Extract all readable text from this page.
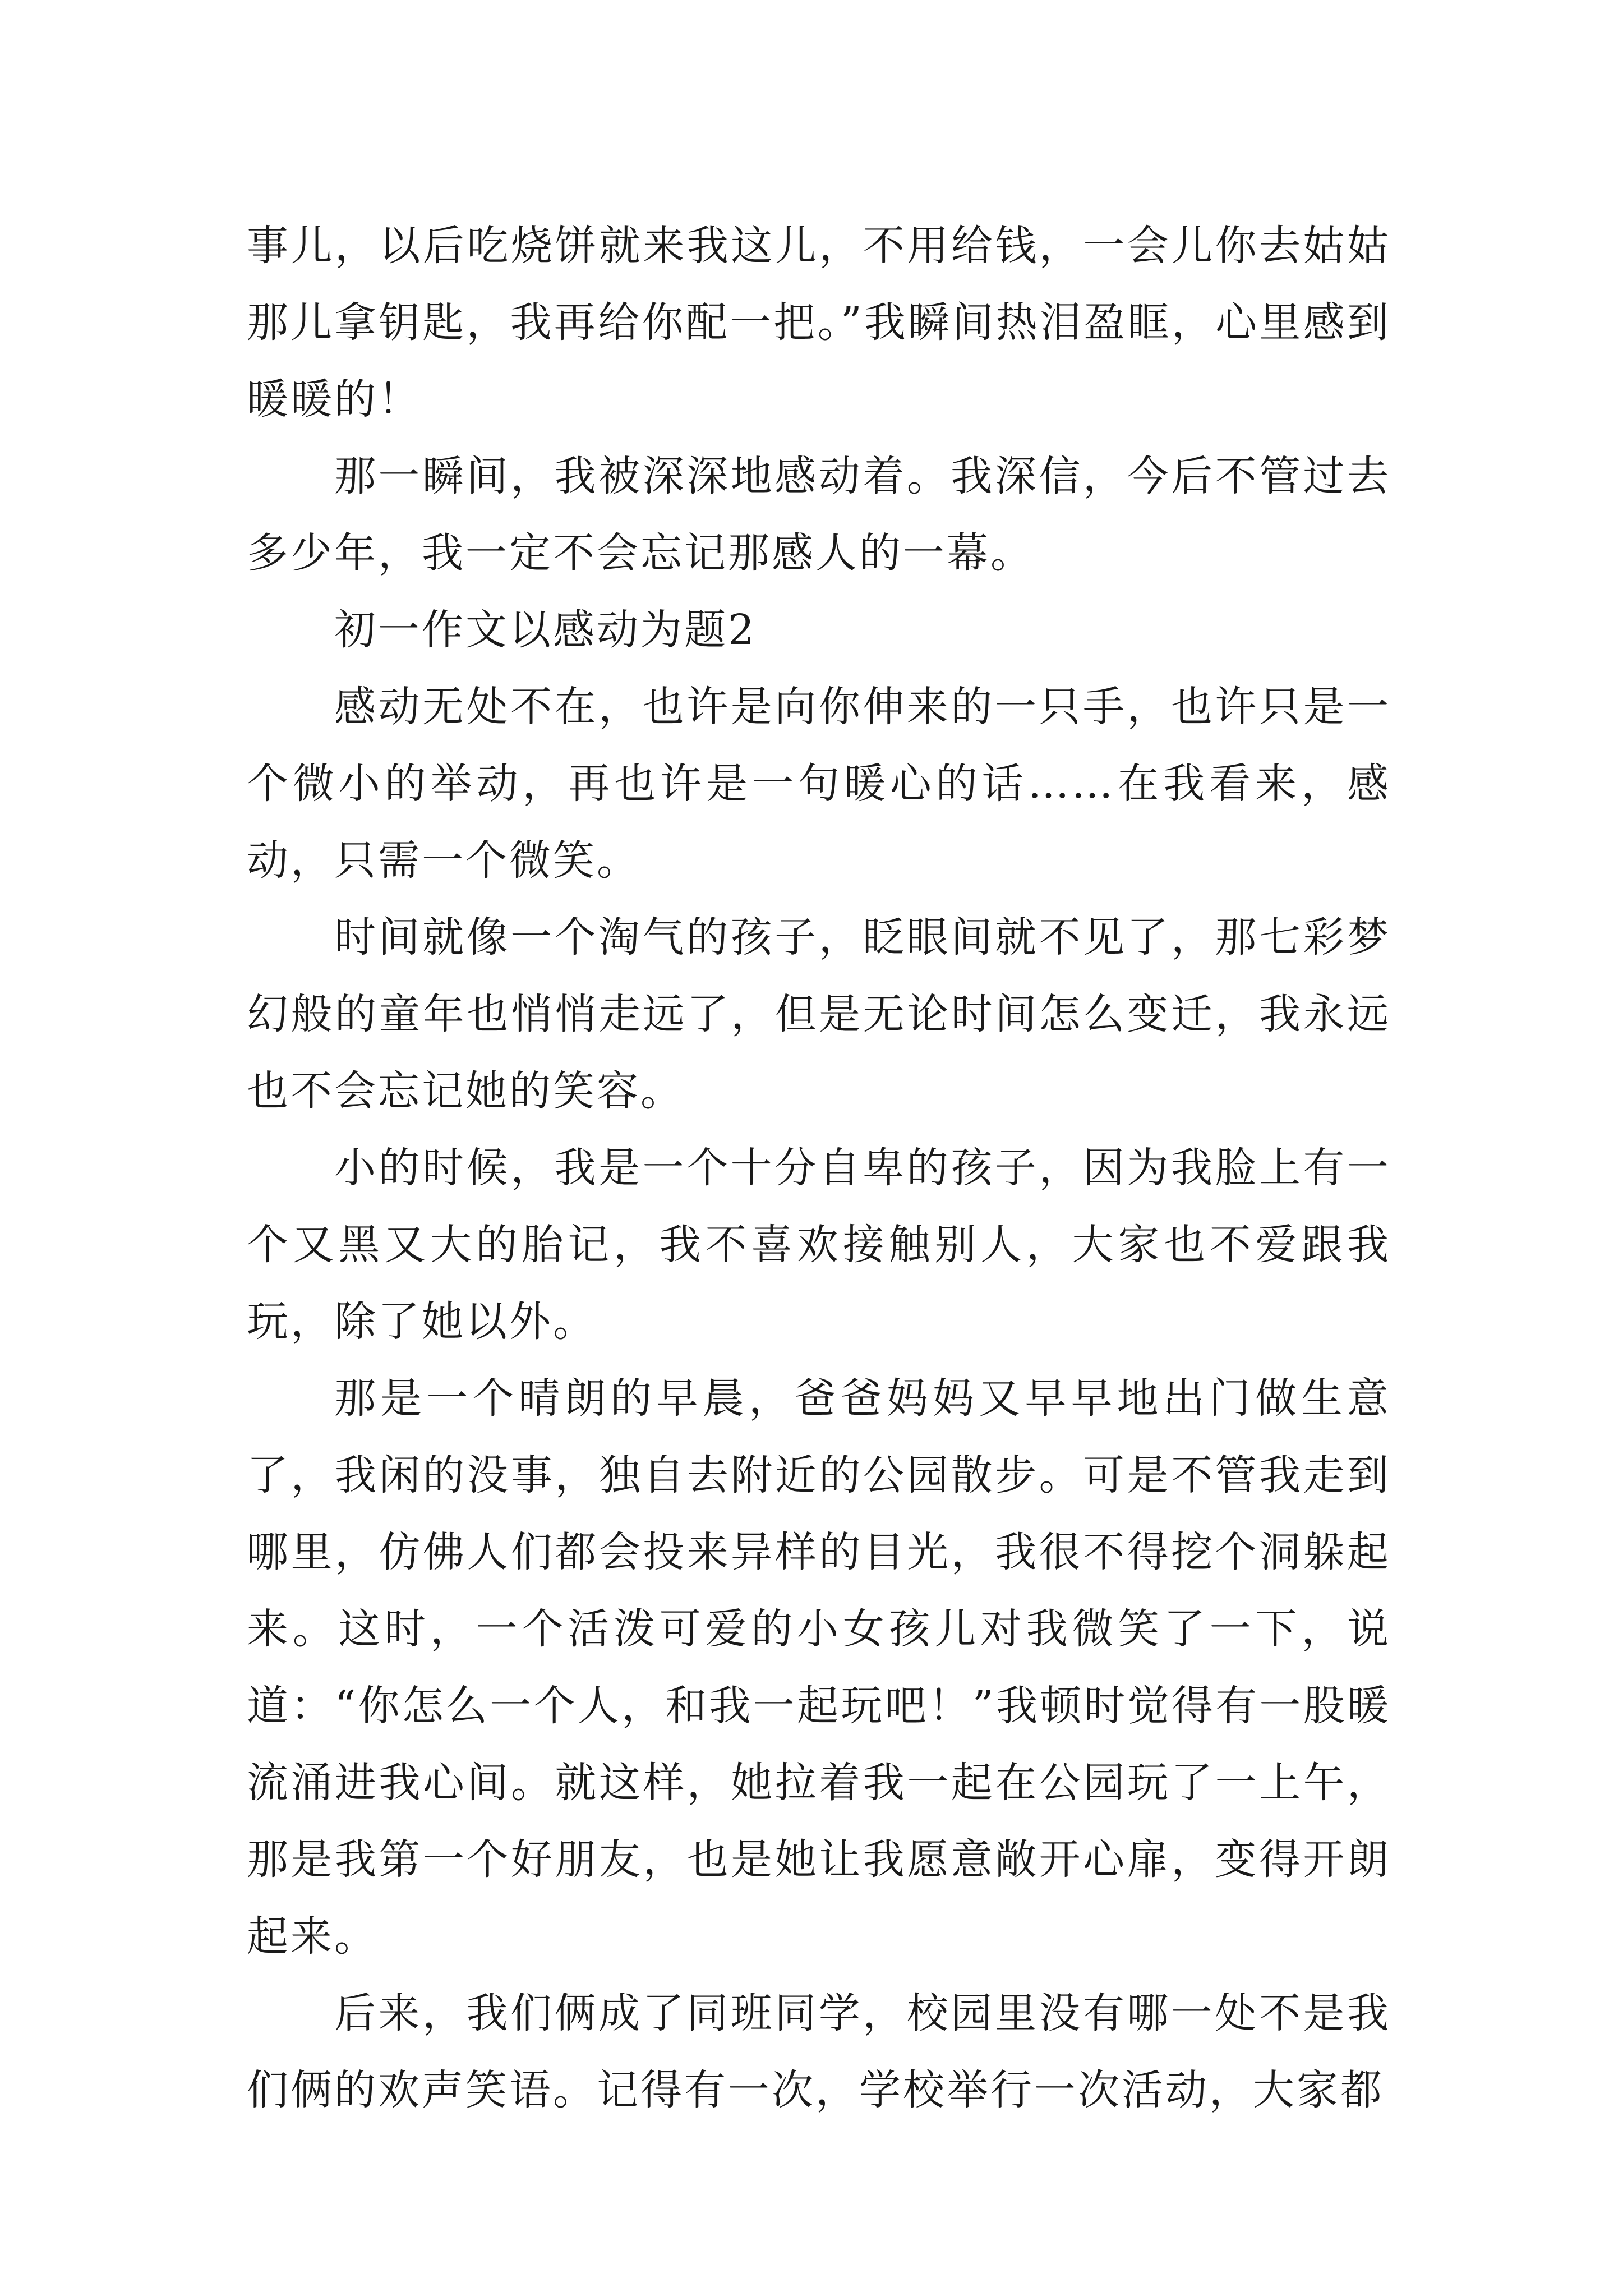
事儿，以后吃烧饼就来我这儿，不用给钱，一会儿你去姑姑那儿拿钥匙，我再给你配一把。”我瞬间热泪盈眶，心里感到暖暖的！

那一瞬间，我被深深地感动着。我深信，今后不管过去多少年，我一定不会忘记那感人的一幕。

初一作文以感动为题2

感动无处不在，也许是向你伸来的一只手，也许只是一个微小的举动，再也许是一句暖心的话……在我看来，感动，只需一个微笑。

时间就像一个淘气的孩子，眨眼间就不见了，那七彩梦幻般的童年也悄悄走远了，但是无论时间怎么变迁，我永远也不会忘记她的笑容。

小的时候，我是一个十分自卑的孩子，因为我脸上有一个又黑又大的胎记，我不喜欢接触别人，大家也不爱跟我玩，除了她以外。

那是一个晴朗的早晨，爸爸妈妈又早早地出门做生意了，我闲的没事，独自去附近的公园散步。可是不管我走到哪里，仿佛人们都会投来异样的目光，我很不得挖个洞躲起来。这时，一个活泼可爱的小女孩儿对我微笑了一下，说道：“你怎么一个人，和我一起玩吧！”我顿时觉得有一股暖流涌进我心间。就这样，她拉着我一起在公园玩了一上午，那是我第一个好朋友，也是她让我愿意敞开心扉，变得开朗起来。

后来，我们俩成了同班同学，校园里没有哪一处不是我们俩的欢声笑语。记得有一次，学校举行一次活动，大家都
